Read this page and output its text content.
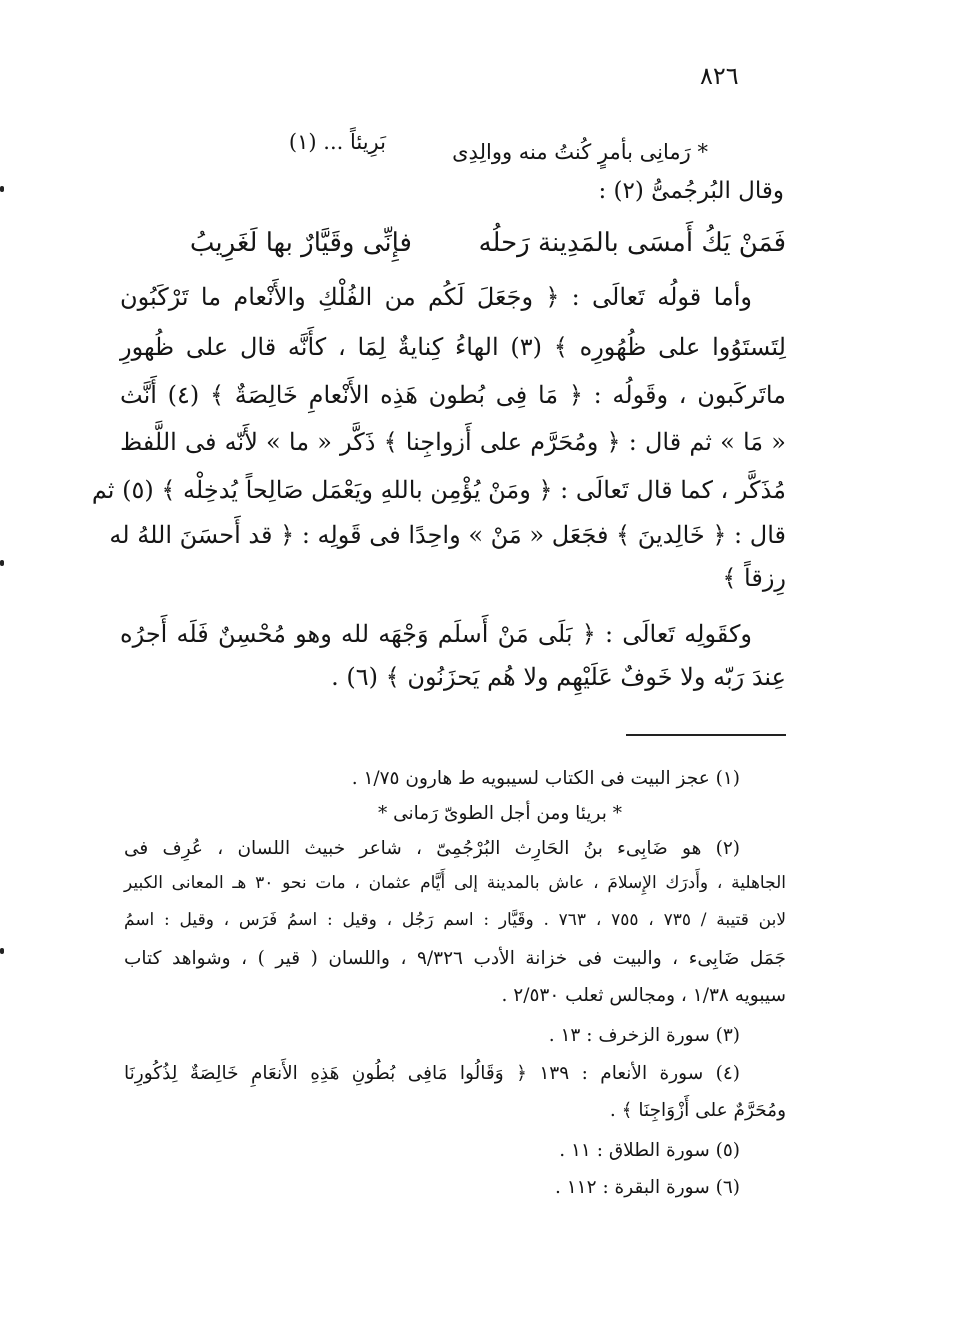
٨٢٦
* رَمانِى بأمرٍ كُنتُ منه ووالِدِى
بَرِيئاً ... (١)
وقال البُرجُمىُّ (٢) :
فَمَنْ يَكُ أَمسَى بالمَدِينة رَحلُه
فإِنِّى وقَيَّارٌ بها لَغَرِيبُ
وأما قولُه تَعالَى : ﴿ وجَعَلَ لَكُم من الفُلْكِ والأَنْعام ما تَرْكَبُون
لِتَستَوُوا على ظُهُورِه ﴾ (٣) الهاءُ كِنايةٌ لِمَا ، كأَنَّه قال على ظُهورِ
ماتَركَبون ، وقَولُه : ﴿ مَا فِى بُطون هَذِه الأَنْعامِ خَالِصَةٌ ﴾ (٤) أَنَّث
« مَا » ثم قال : ﴿ ومُحَرَّم على أَزواجِنا ﴾ ذَكَّر « ما » لأَنّه فى اللَّفظ
مُذَكَّر ، كما قال تَعالَى : ﴿ ومَنْ يُؤْمِن باللهِ ويَعْمَل صَالِحاً يُدخِلْه ﴾ (٥) ثم
قال : ﴿ خَالِدينَ ﴾ فجَعَل « مَنْ » واحِدًا فى قَولِه : ﴿ قد أَحسَنَ اللهُ له
رِزقاً ﴾
وكقَولِه تَعالَى : ﴿ بَلَى مَنْ أَسلَم وَجْهَه لله وهو مُحْسِنٌ فَلَه أَجرُه
عِندَ رَبّه ولا خَوفٌ عَلَيْهِم ولا هُم يَحزَنُون ﴾ (٦) .
(١) عجز البيت فى الكتاب لسيبويه ط هارون ١/٧٥ .
* بريئا ومن أجل الطوىّ رَمانى *
(٢) هو ضَابِىء بنُ الحَارِث البُرْجُمِىّ ، شاعر خبيث اللسان ، عُرِف فى
الجاهلية ، وأَدرَك الإِسلامَ ، عاش بالمدينة إلى أَيَّام عثمان ، مات نحو ٣٠ هـ المعانى الكبير
لابن قتيبة / ٧٣٥ ، ٧٥٥ ، ٧٦٣ . وقَيَّار : اسم رَجُل ، وقيل : اسمُ فَرَس ، وقيل : اسمُ
جَمَل ضَابِىء ، والبيت فى خزانة الأدب ٩/٣٢٦ ، واللسان ( قير ) ، وشواهد كتاب
سيبويه ١/٣٨ ، ومجالس ثعلب ٢/٥٣٠ .
(٣) سورة الزخرف : ١٣ .
(٤) سورة الأنعام : ١٣٩ ﴿ وَقَالُوا مَافِى بُطُونِ هَذِهِ الأَنعَامِ خَالِصَةٌ لِذُكُورِنَا
ومُحَرَّمٌ على أَزْوَاجِنَا ﴾ .
(٥) سورة الطلاق : ١١ .
(٦) سورة البقرة : ١١٢ .
